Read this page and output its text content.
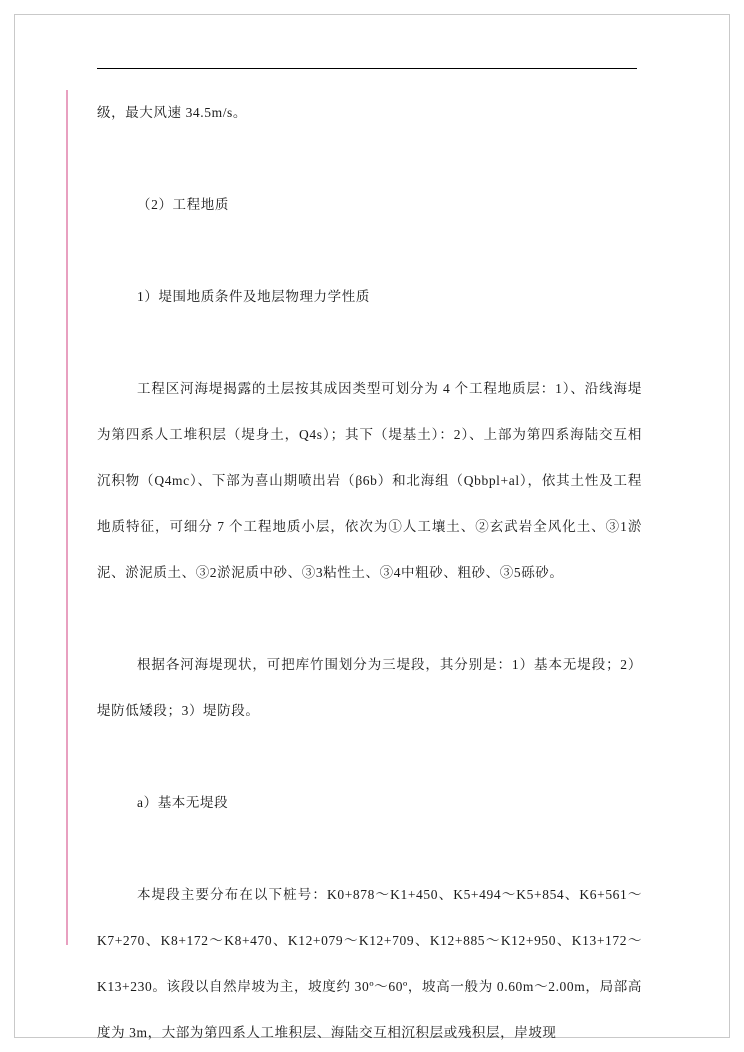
级，最大风速 34.5m/s。

（2）工程地质

1）堤围地质条件及地层物理力学性质

工程区河海堤揭露的土层按其成因类型可划分为 4 个工程地质层：1）、沿线海堤为第四系人工堆积层（堤身土，Q4s）；其下（堤基土）：2）、上部为第四系海陆交互相沉积物（Q4mc）、下部为喜山期喷出岩（β6b）和北海组（Qbbpl+al），依其土性及工程地质特征，可细分 7 个工程地质小层，依次为①人工壤土、②玄武岩全风化土、③1淤泥、淤泥质土、③2淤泥质中砂、③3粘性土、③4中粗砂、粗砂、③5砾砂。

根据各河海堤现状，可把库竹围划分为三堤段，其分别是：1）基本无堤段；2）堤防低矮段；3）堤防段。

a）基本无堤段

本堤段主要分布在以下桩号：K0+878～K1+450、K5+494～K5+854、K6+561～K7+270、K8+172～K8+470、K12+079～K12+709、K12+885～K12+950、K13+172～K13+230。该段以自然岸坡为主，坡度约 30º～60º，坡高一般为 0.60m～2.00m，局部高度为 3m，大部为第四系人工堆积层、海陆交互相沉积层或残积层，岸坡现
